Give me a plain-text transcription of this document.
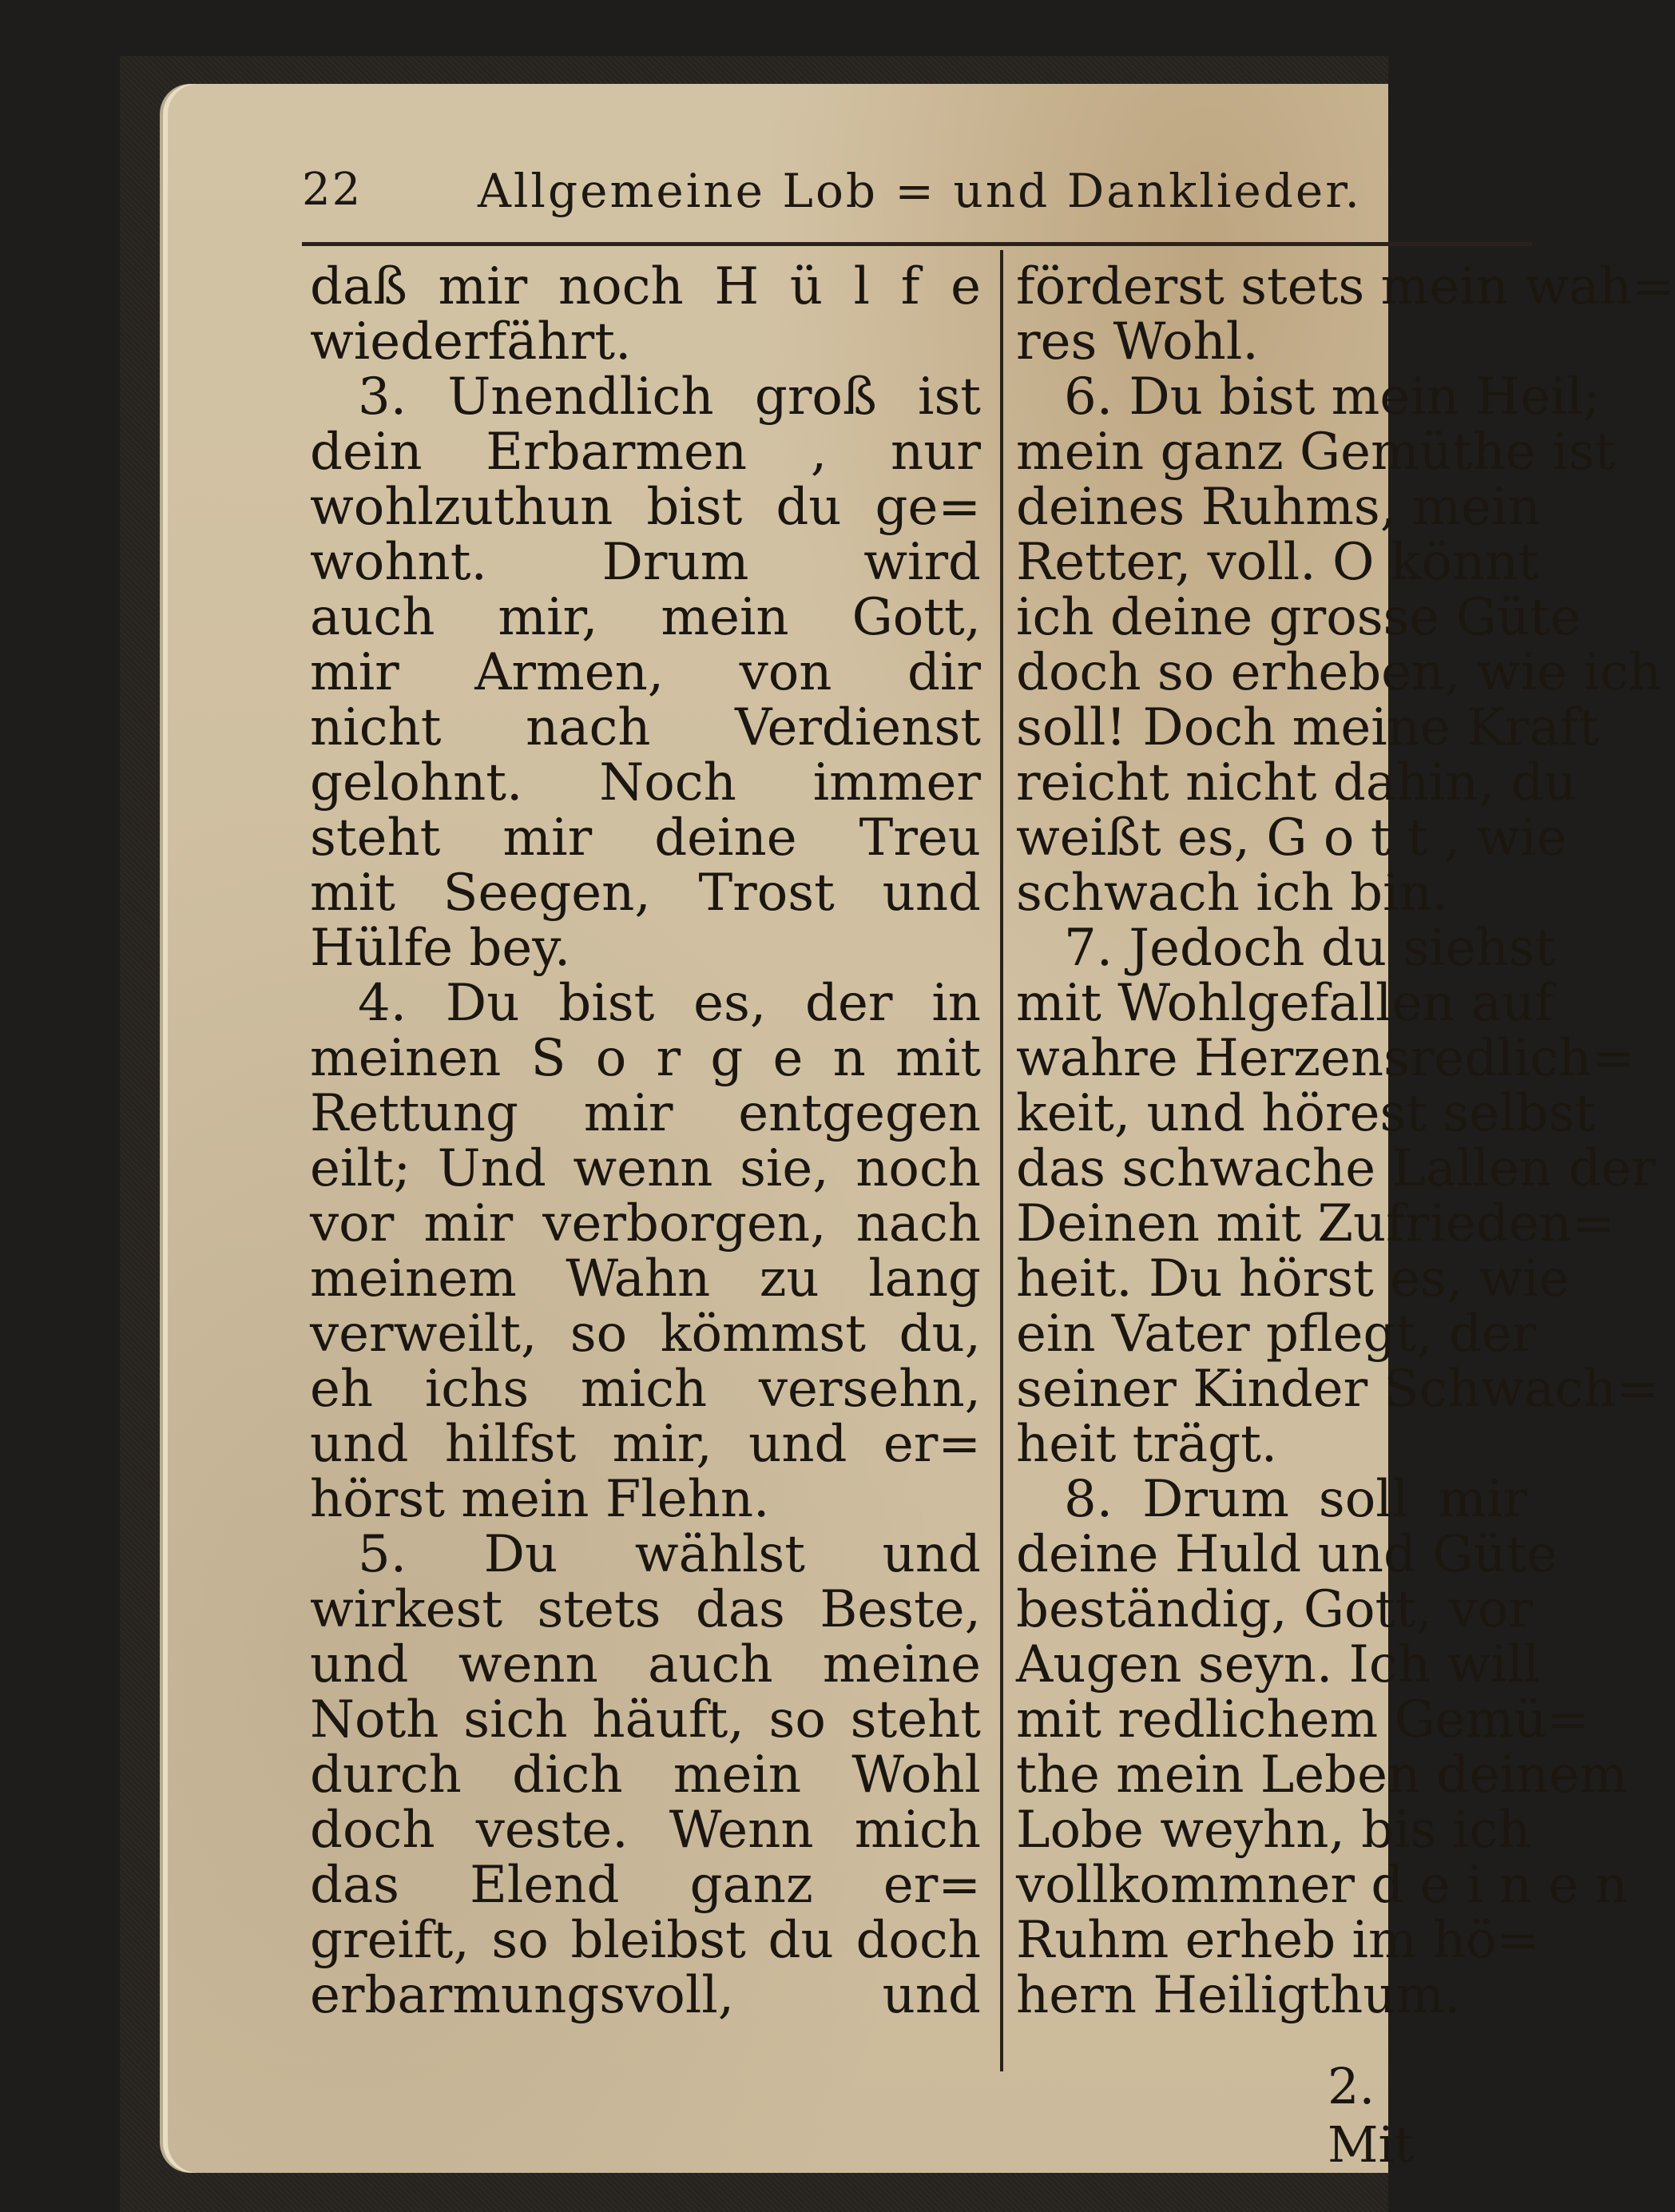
22 Allgemeine Lob = und Danklieder.
daß mir noch H ü l f e
wiederfährt.
3. Unendlich groß ist
dein Erbarmen , nur
wohlzuthun bist du ge=
wohnt. Drum wird
auch mir, mein Gott,
mir Armen, von dir
nicht nach Verdienst
gelohnt. Noch immer
steht mir deine Treu
mit Seegen, Trost und
Hülfe bey.
4. Du bist es, der in
meinen S o r g e n mit
Rettung mir entgegen
eilt; Und wenn sie, noch
vor mir verborgen, nach
meinem Wahn zu lang
verweilt, so kömmst du,
eh ichs mich versehn,
und hilfst mir, und er=
hörst mein Flehn.
5. Du wählst und
wirkest stets das Beste,
und wenn auch meine
Noth sich häuft, so steht
durch dich mein Wohl
doch veste. Wenn mich
das Elend ganz er=
greift, so bleibst du doch
erbarmungsvoll, und
förderst stets mein wah=
res Wohl.
6. Du bist mein Heil;
mein ganz Gemüthe ist
deines Ruhms, mein
Retter, voll. O könnt
ich deine grosse Güte
doch so erheben, wie ich
soll! Doch meine Kraft
reicht nicht dahin, du
weißt es, G o t t , wie
schwach ich bin.
7. Jedoch du siehst
mit Wohlgefallen auf
wahre Herzensredlich=
keit, und hörest selbst
das schwache Lallen der
Deinen mit Zufrieden=
heit. Du hörst es, wie
ein Vater pflegt, der
seiner Kinder Schwach=
heit trägt.
8. Drum soll mir
deine Huld und Güte
beständig, Gott, vor
Augen seyn. Ich will
mit redlichem Gemü=
the mein Leben deinem
Lobe weyhn, bis ich
vollkommner d e i n e n
Ruhm erheb im hö=
hern Heiligthum.
2. Mit
